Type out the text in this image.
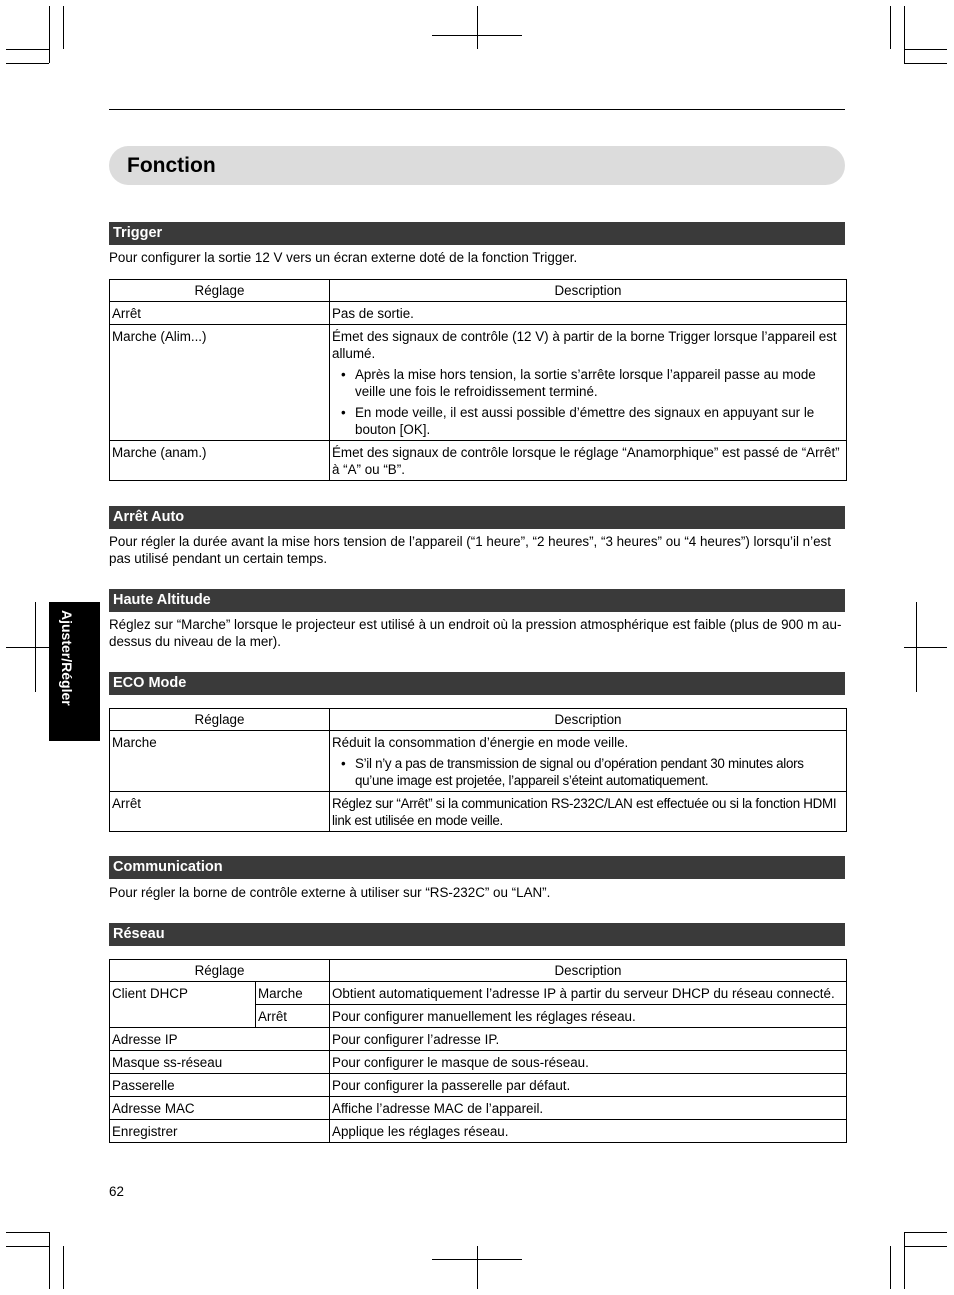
Fonction
Ajuster/Régler
Trigger
Pour configurer la sortie 12 V vers un écran externe doté de la fonction Trigger.
Réglage	Description
Arrêt	Pas de sortie.
Marche (Alim...)	Émet des signaux de contrôle (12 V) à partir de la borne Trigger lorsque l’appareil est allumé.
• Après la mise hors tension, la sortie s’arrête lorsque l’appareil passe au mode veille une fois le refroidissement terminé.
• En mode veille, il est aussi possible d’émettre des signaux en appuyant sur le bouton [OK].

Marche (anam.)	Émet des signaux de contrôle lorsque le réglage “Anamorphique” est passé de “Arrêt” à “A” ou “B”.
Arrêt Auto
Pour régler la durée avant la mise hors tension de l’appareil (“1 heure”, “2 heures”, “3 heures” ou “4 heures”) lorsqu’il n’est pas utilisé pendant un certain temps.
Haute Altitude
Réglez sur “Marche” lorsque le projecteur est utilisé à un endroit où la pression atmosphérique est faible (plus de 900 m au-dessus du niveau de la mer).
ECO Mode
Réglage	Description
Marche	Réduit la consommation d’énergie en mode veille.
• S’il n’y a pas de transmission de signal ou d’opération pendant 30 minutes alors qu’une image est projetée, l’appareil s’éteint automatiquement.

Arrêt	Réglez sur “Arrêt” si la communication RS-232C/LAN est effectuée ou si la fonction HDMI link est utilisée en mode veille.
Communication
Pour régler la borne de contrôle externe à utiliser sur “RS-232C” ou “LAN”.
Réseau
Réglage		Description
Client DHCP	Marche	Obtient automatiquement l’adresse IP à partir du serveur DHCP du réseau connecté.
	Arrêt	Pour configurer manuellement les réglages réseau.
Adresse IP		Pour configurer l’adresse IP.
Masque ss-réseau		Pour configurer le masque de sous-réseau.
Passerelle		Pour configurer la passerelle par défaut.
Adresse MAC		Affiche l’adresse MAC de l’appareil.
Enregistrer		Applique les réglages réseau.
62
